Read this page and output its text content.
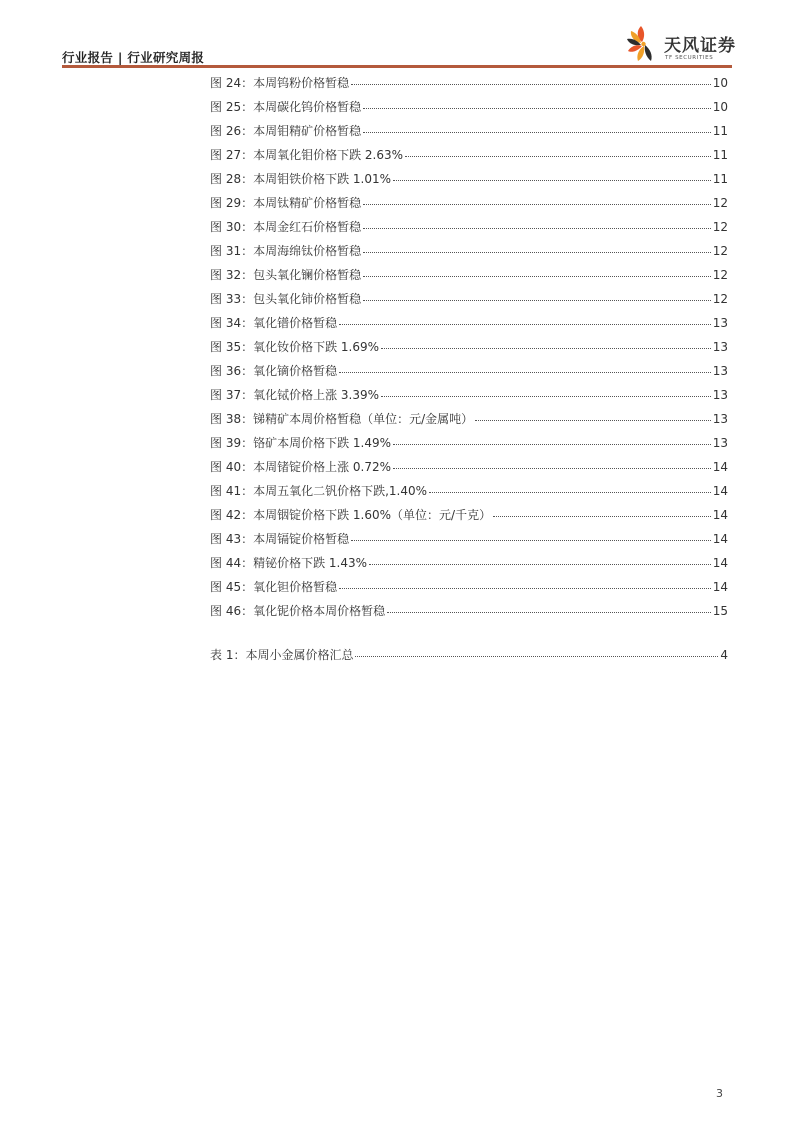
行业报告 | 行业研究周报
天风证券
TF SECURITIES
图 24：本周钨粉价格暂稳	10
图 25：本周碳化钨价格暂稳	10
图 26：本周钼精矿价格暂稳	11
图 27：本周氧化钼价格下跌 2.63%	11
图 28：本周钼铁价格下跌 1.01%	11
图 29：本周钛精矿价格暂稳	12
图 30：本周金红石价格暂稳	12
图 31：本周海绵钛价格暂稳	12
图 32：包头氧化镧价格暂稳	12
图 33：包头氧化铈价格暂稳	12
图 34：氧化镨价格暂稳	13
图 35：氧化钕价格下跌 1.69%	13
图 36：氧化镝价格暂稳	13
图 37：氧化铽价格上涨 3.39%	13
图 38：锑精矿本周价格暂稳（单位：元/金属吨）	13
图 39：铬矿本周价格下跌 1.49%	13
图 40：本周锗锭价格上涨 0.72%	14
图 41：本周五氧化二钒价格下跌,1.40%	14
图 42：本周铟锭价格下跌 1.60%（单位：元/千克）	14
图 43：本周镉锭价格暂稳	14
图 44：精铋价格下跌 1.43%	14
图 45：氧化钽价格暂稳	14
图 46：氧化铌价格本周价格暂稳	15
表 1：本周小金属价格汇总	4
3
